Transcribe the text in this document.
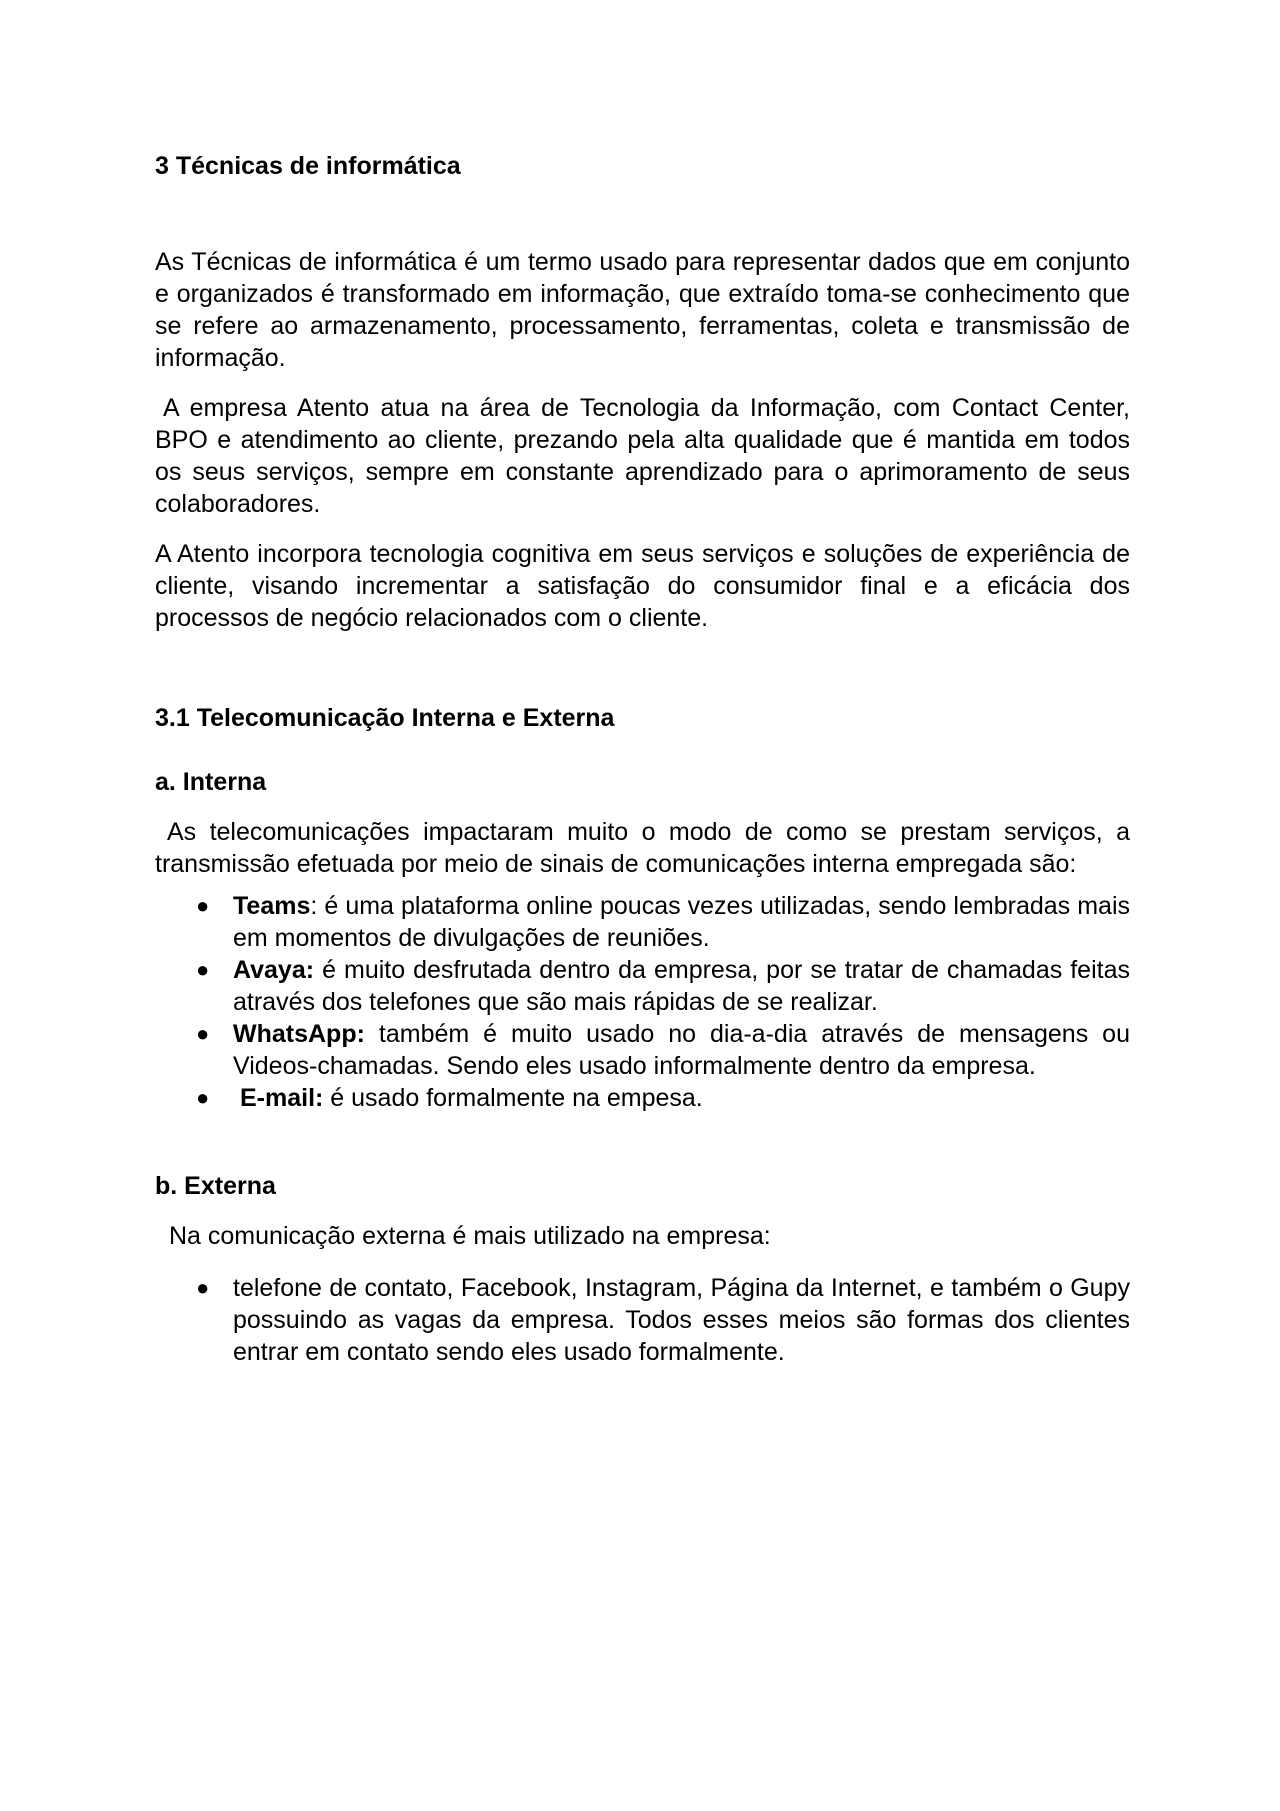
3 Técnicas de informática

As Técnicas de informática é um termo usado para representar dados que em conjunto e organizados é transformado em informação, que extraído toma-se conhecimento que se refere ao armazenamento, processamento, ferramentas, coleta e transmissão de informação.

A empresa Atento atua na área de Tecnologia da Informação, com Contact Center, BPO e atendimento ao cliente, prezando pela alta qualidade que é mantida em todos os seus serviços, sempre em constante aprendizado para o aprimoramento de seus colaboradores.

A Atento incorpora tecnologia cognitiva em seus serviços e soluções de experiência de cliente, visando incrementar a satisfação do consumidor final e a eficácia dos processos de negócio relacionados com o cliente.

3.1 Telecomunicação Interna e Externa
a. Interna

As telecomunicações impactaram muito o modo de como se prestam serviços, a transmissão efetuada por meio de sinais de comunicações interna empregada são:

● Teams: é uma plataforma online poucas vezes utilizadas, sendo lembradas mais em momentos de divulgações de reuniões.
● Avaya: é muito desfrutada dentro da empresa, por se tratar de chamadas feitas através dos telefones que são mais rápidas de se realizar.
● WhatsApp: também é muito usado no dia-a-dia através de mensagens ou Videos-chamadas. Sendo eles usado informalmente dentro da empresa.
● E-mail: é usado formalmente na empesa.
b. Externa

Na comunicação externa é mais utilizado na empresa:

● telefone de contato, Facebook, Instagram, Página da Internet, e também o Gupy possuindo as vagas da empresa. Todos esses meios são formas dos clientes entrar em contato sendo eles usado formalmente.
